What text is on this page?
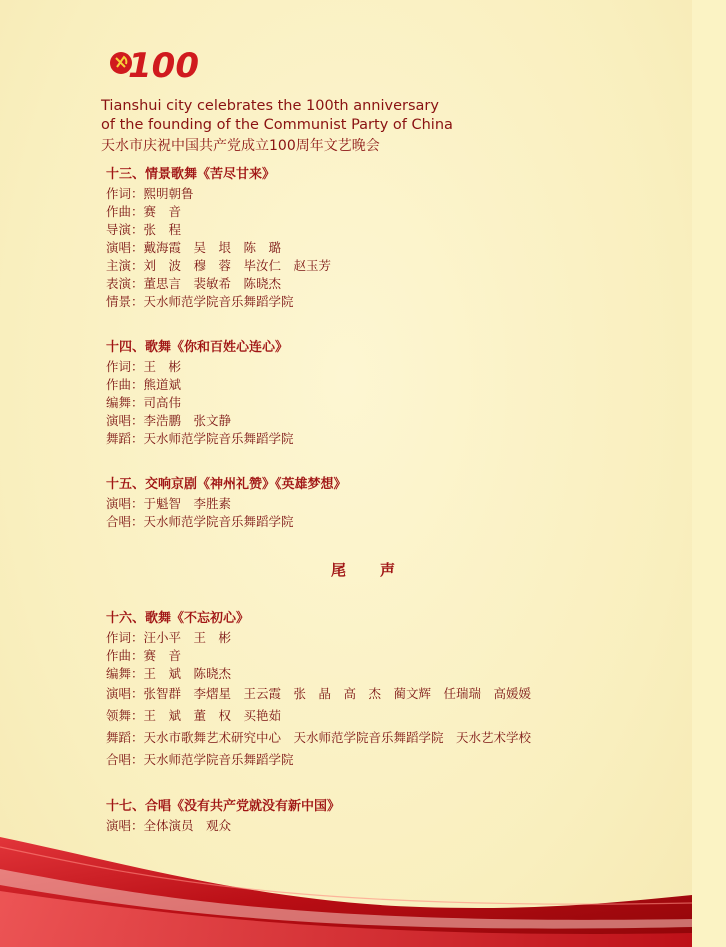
100
Tianshui city celebrates the 100th anniversary
of the founding of the Communist Party of China
天水市庆祝中国共产党成立100周年文艺晚会
十三、情景歌舞《苦尽甘来》
作词：熙明朝鲁
作曲：赛　音
导演：张　程
演唱：戴海霞　吴　垠　陈　璐
主演：刘　波　穆　蓉　毕汝仁　赵玉芳
表演：董思言　裴敏希　陈晓杰
情景：天水师范学院音乐舞蹈学院
十四、歌舞《你和百姓心连心》
作词：王　彬
作曲：熊道斌
编舞：司高伟
演唱：李浩鹏　张文静
舞蹈：天水师范学院音乐舞蹈学院
十五、交响京剧《神州礼赞》《英雄梦想》
演唱：于魁智　李胜素
合唱：天水师范学院音乐舞蹈学院
十六、歌舞《不忘初心》
作词：汪小平　王　彬
作曲：赛　音
编舞：王　斌　陈晓杰
演唱：张智群　李熠星　王云霞　张　晶　高　杰　蔺文辉　任瑞瑞　高媛媛
领舞：王　斌　董　权　买艳茹
舞蹈：天水市歌舞艺术研究中心　天水师范学院音乐舞蹈学院　天水艺术学校
合唱：天水师范学院音乐舞蹈学院
十七、合唱《没有共产党就没有新中国》
演唱：全体演员　观众
尾声
